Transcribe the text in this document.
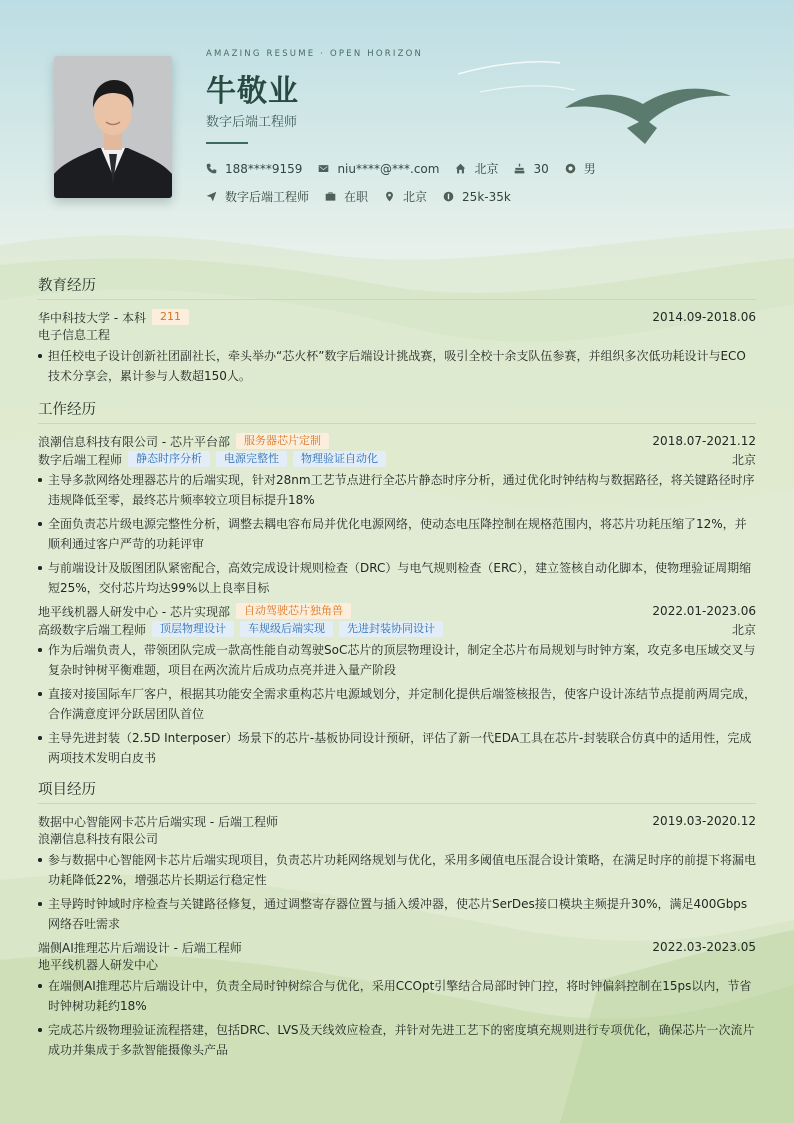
AMAZING RESUME · OPEN HORIZON
牛敬业
数字后端工程师
188****9159	niu****@***.com	北京	30	男
数字后端工程师	在职	北京	25k-35k
教育经历
华中科技大学 - 本科	211	2014.09-2018.06
电子信息工程
担任校电子设计创新社团副社长，牵头举办“芯火杯”数字后端设计挑战赛，吸引全校十余支队伍参赛，并组织多次低功耗设计与ECO技术分享会，累计参与人数超150人。
工作经历
浪潮信息科技有限公司 - 芯片平台部	服务器芯片定制	2018.07-2021.12
数字后端工程师	静态时序分析	电源完整性	物理验证自动化	北京
主导多款网络处理器芯片的后端实现，针对28nm工艺节点进行全芯片静态时序分析，通过优化时钟结构与数据路径，将关键路径时序违规降低至零，最终芯片频率较立项目标提升18%
全面负责芯片级电源完整性分析，调整去耦电容布局并优化电源网络，使动态电压降控制在规格范围内，将芯片功耗压缩了12%，并顺利通过客户严苛的功耗评审
与前端设计及版图团队紧密配合，高效完成设计规则检查（DRC）与电气规则检查（ERC），建立签核自动化脚本，使物理验证周期缩短25%，交付芯片均达99%以上良率目标
地平线机器人研发中心 - 芯片实现部	自动驾驶芯片独角兽	2022.01-2023.06
高级数字后端工程师	顶层物理设计	车规级后端实现	先进封装协同设计	北京
作为后端负责人，带领团队完成一款高性能自动驾驶SoC芯片的顶层物理设计，制定全芯片布局规划与时钟方案，攻克多电压域交叉与复杂时钟树平衡难题，项目在两次流片后成功点亮并进入量产阶段
直接对接国际车厂客户，根据其功能安全需求重构芯片电源域划分，并定制化提供后端签核报告，使客户设计冻结节点提前两周完成，合作满意度评分跃居团队首位
主导先进封装（2.5D Interposer）场景下的芯片-基板协同设计预研，评估了新一代EDA工具在芯片-封装联合仿真中的适用性，完成两项技术发明白皮书
项目经历
数据中心智能网卡芯片后端实现 - 后端工程师	2019.03-2020.12
浪潮信息科技有限公司
参与数据中心智能网卡芯片后端实现项目，负责芯片功耗网络规划与优化，采用多阈值电压混合设计策略，在满足时序的前提下将漏电功耗降低22%，增强芯片长期运行稳定性
主导跨时钟域时序检查与关键路径修复，通过调整寄存器位置与插入缓冲器，使芯片SerDes接口模块主频提升30%，满足400Gbps网络吞吐需求
端侧AI推理芯片后端设计 - 后端工程师	2022.03-2023.05
地平线机器人研发中心
在端侧AI推理芯片后端设计中，负责全局时钟树综合与优化，采用CCOpt引擎结合局部时钟门控，将时钟偏斜控制在15ps以内，节省时钟树功耗约18%
完成芯片级物理验证流程搭建，包括DRC、LVS及天线效应检查，并针对先进工艺下的密度填充规则进行专项优化，确保芯片一次流片成功并集成于多款智能摄像头产品
